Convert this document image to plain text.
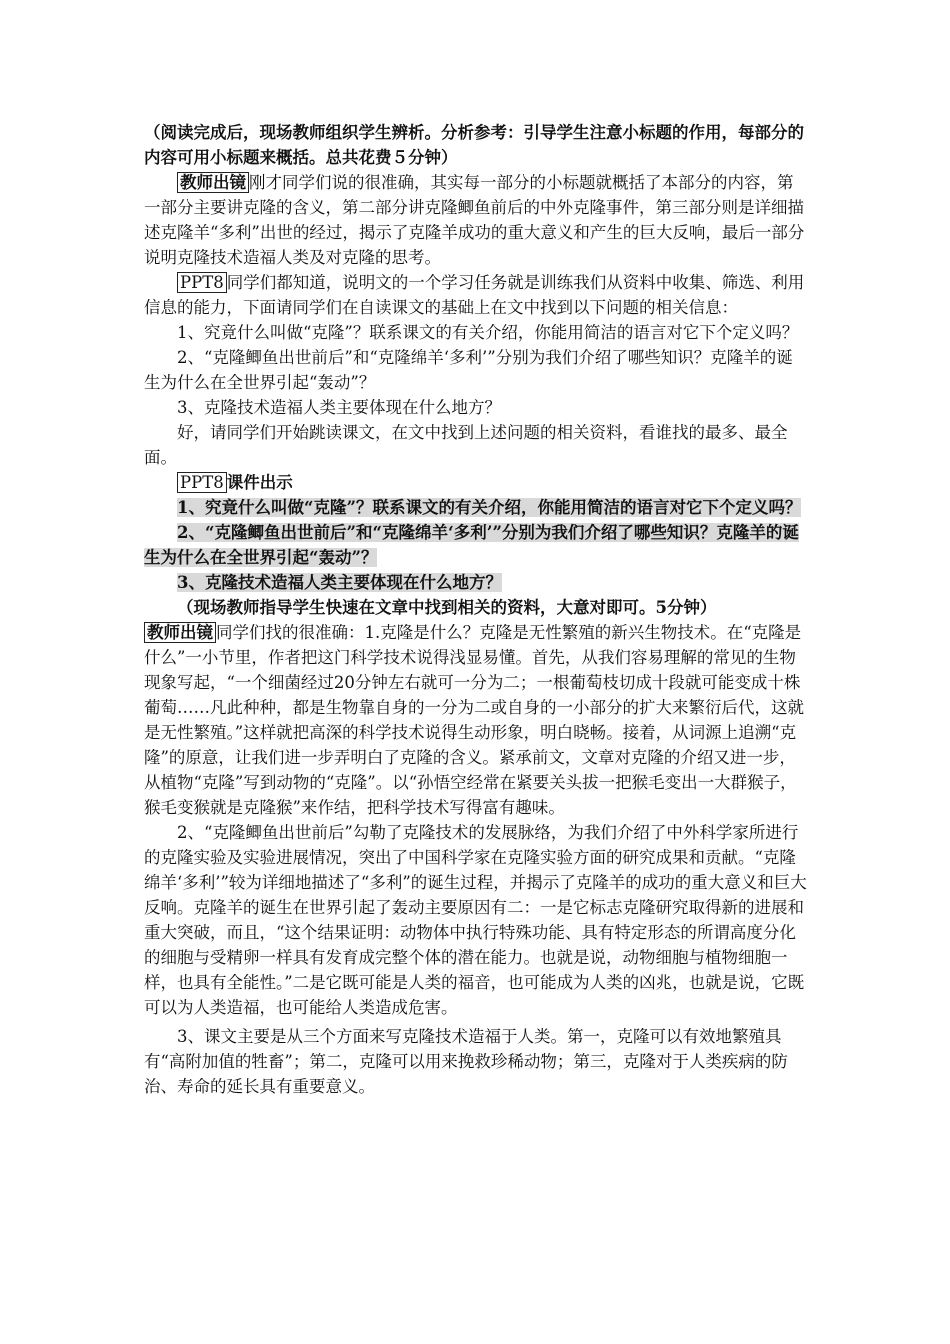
（阅读完成后，现场教师组织学生辨析。分析参考：引导学生注意小标题的作用，每部分的内容可用小标题来概括。总共花费５分钟）

教师出镜 刚才同学们说的很准确，其实每一部分的小标题就概括了本部分的内容，第一部分主要讲克隆的含义，第二部分讲克隆鲫鱼前后的中外克隆事件，第三部分则是详细描述克隆羊“多利”出世的经过，揭示了克隆羊成功的重大意义和产生的巨大反响，最后一部分说明克隆技术造福人类及对克隆的思考。

PPT8 同学们都知道，说明文的一个学习任务就是训练我们从资料中收集、筛选、利用信息的能力，下面请同学们在自读课文的基础上在文中找到以下问题的相关信息：

1、究竟什么叫做“克隆”？联系课文的有关介绍，你能用简洁的语言对它下个定义吗？

2、“克隆鲫鱼出世前后”和“克隆绵羊‘多利’”分别为我们介绍了哪些知识？克隆羊的诞生为什么在全世界引起“轰动”？

3、克隆技术造福人类主要体现在什么地方？

好，请同学们开始跳读课文，在文中找到上述问题的相关资料，看谁找的最多、最全面。

PPT8 课件出示

1、究竟什么叫做“克隆”？联系课文的有关介绍，你能用简洁的语言对它下个定义吗？

2、“克隆鲫鱼出世前后”和“克隆绵羊‘多利’”分别为我们介绍了哪些知识？克隆羊的诞生为什么在全世界引起“轰动”？

3、克隆技术造福人类主要体现在什么地方？

（现场教师指导学生快速在文章中找到相关的资料，大意对即可。5分钟）

教师出镜 同学们找的很准确：1.克隆是什么？克隆是无性繁殖的新兴生物技术。在“克隆是什么”一小节里，作者把这门科学技术说得浅显易懂。首先，从我们容易理解的常见的生物现象写起，“一个细菌经过20分钟左右就可一分为二；一根葡萄枝切成十段就可能变成十株葡萄……凡此种种，都是生物靠自身的一分为二或自身的一小部分的扩大来繁衍后代，这就是无性繁殖。”这样就把高深的科学技术说得生动形象，明白晓畅。接着，从词源上追溯“克隆”的原意，让我们进一步弄明白了克隆的含义。紧承前文，文章对克隆的介绍又进一步，从植物“克隆”写到动物的“克隆”。以“孙悟空经常在紧要关头拔一把猴毛变出一大群猴子，猴毛变猴就是克隆猴”来作结，把科学技术写得富有趣味。

2、“克隆鲫鱼出世前后”勾勒了克隆技术的发展脉络，为我们介绍了中外科学家所进行的克隆实验及实验进展情况，突出了中国科学家在克隆实验方面的研究成果和贡献。“克隆绵羊‘多利’”较为详细地描述了“多利”的诞生过程，并揭示了克隆羊的成功的重大意义和巨大反响。克隆羊的诞生在世界引起了轰动主要原因有二：一是它标志克隆研究取得新的进展和重大突破，而且，“这个结果证明：动物体中执行特殊功能、具有特定形态的所谓高度分化的细胞与受精卵一样具有发育成完整个体的潜在能力。也就是说，动物细胞与植物细胞一样，也具有全能性。”二是它既可能是人类的福音，也可能成为人类的凶兆，也就是说，它既可以为人类造福，也可能给人类造成危害。

3、课文主要是从三个方面来写克隆技术造福于人类。第一，克隆可以有效地繁殖具有“高附加值的牲畜”；第二，克隆可以用来挽救珍稀动物；第三，克隆对于人类疾病的防治、寿命的延长具有重要意义。
